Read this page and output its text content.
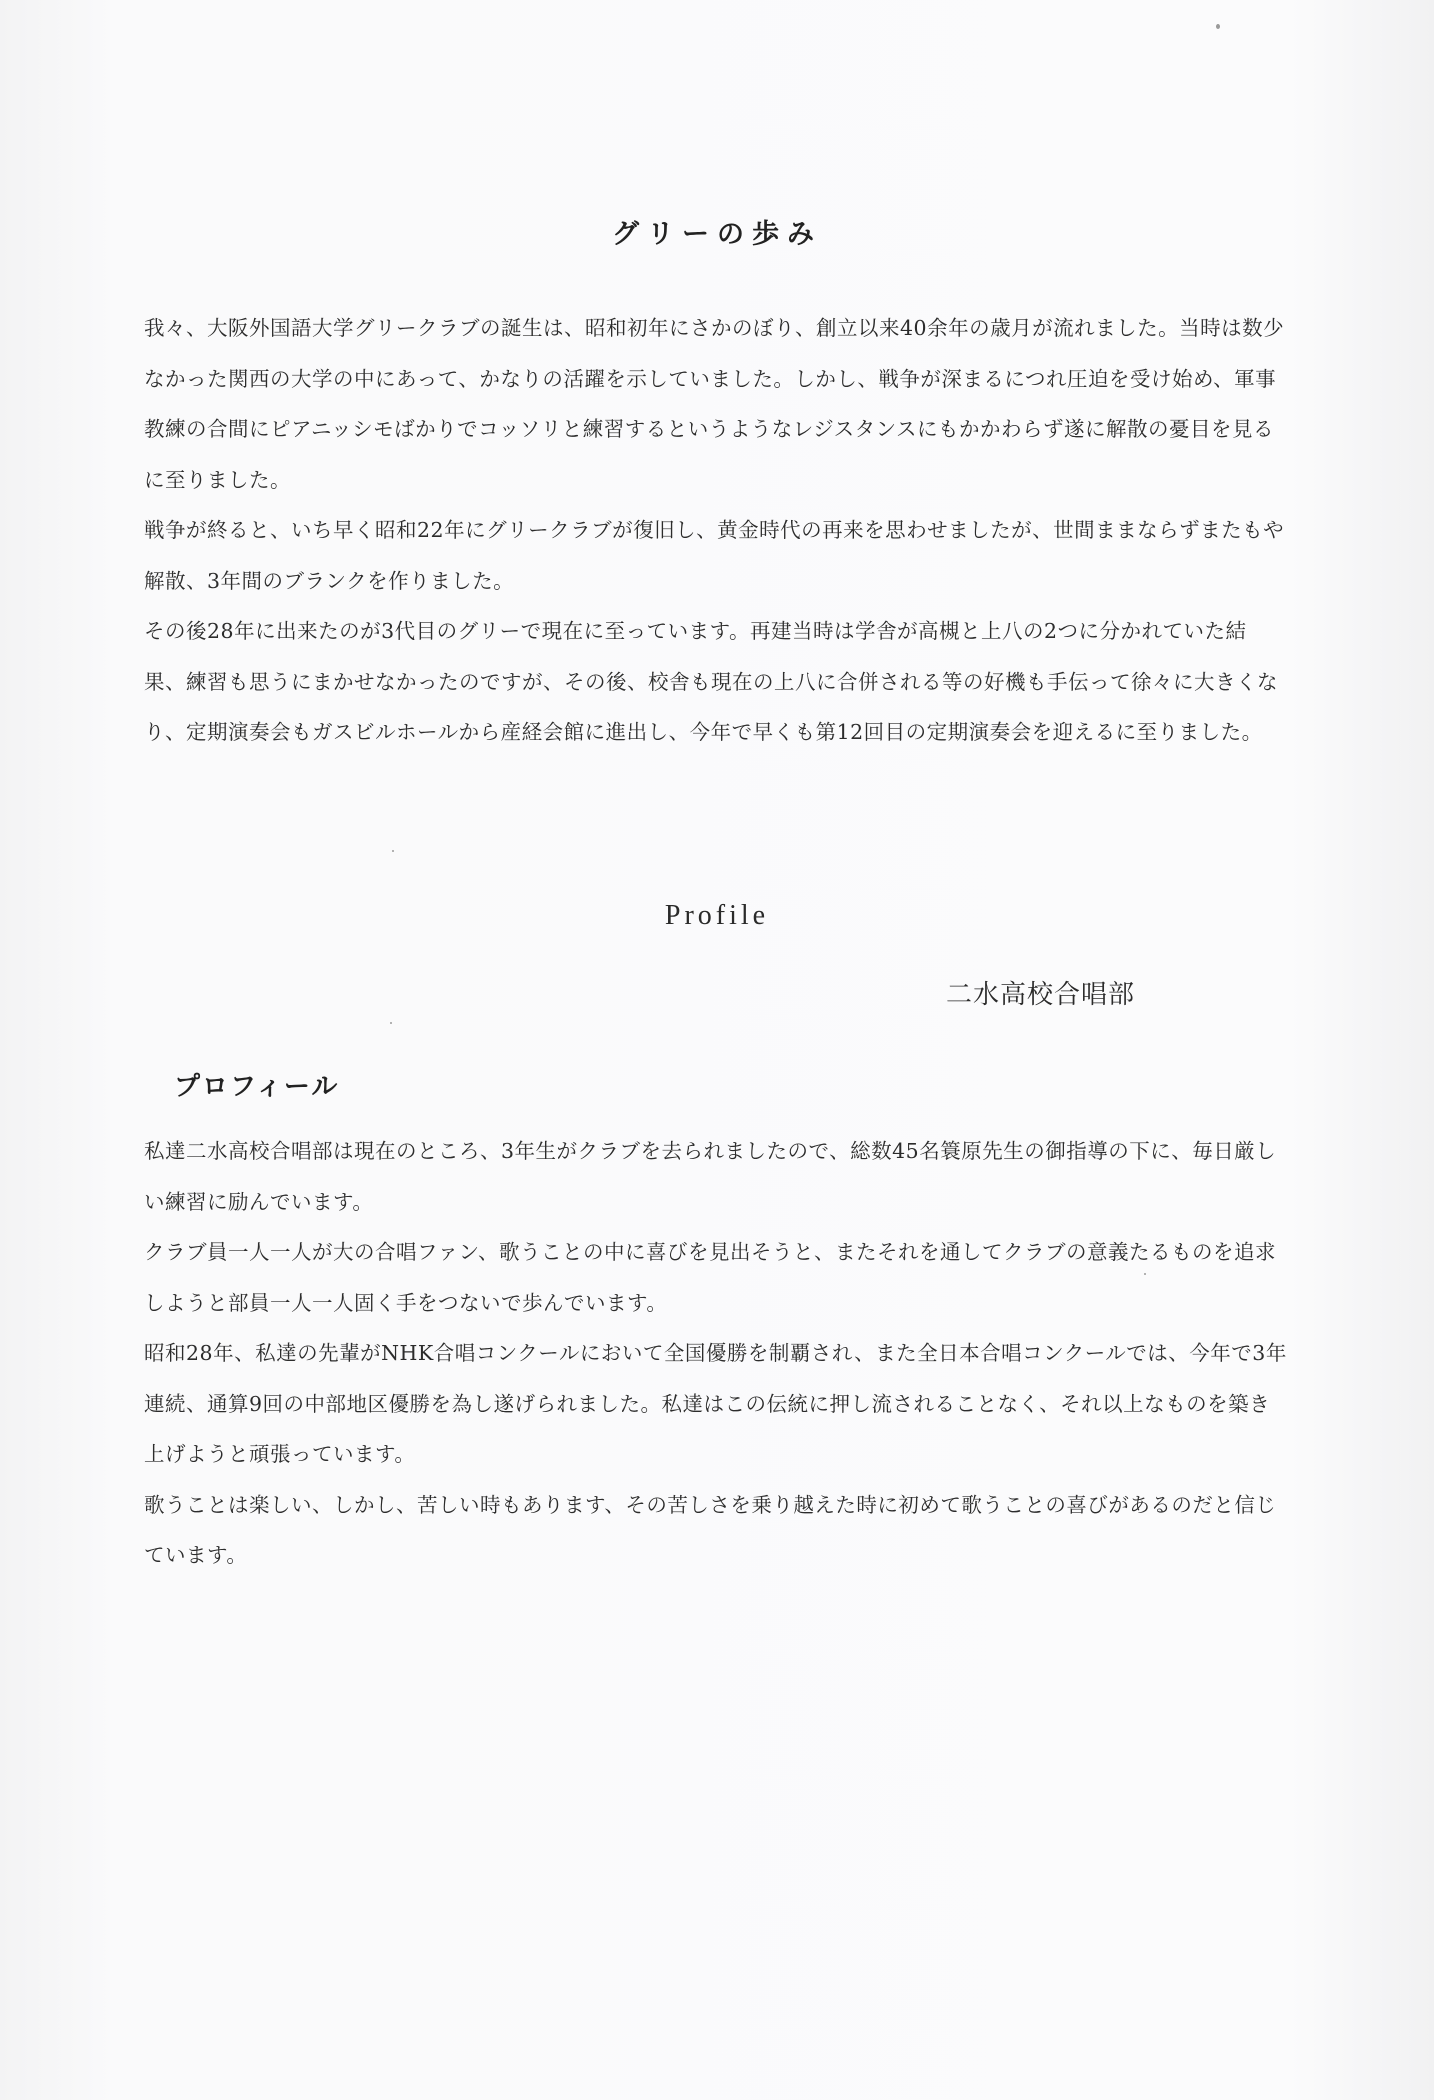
グリーの歩み

我々、大阪外国語大学グリークラブの誕生は、昭和初年にさかのぼり、創立以来40余年の歳月が流れました。当時は数少なかった関西の大学の中にあって、かなりの活躍を示していました。しかし、戦争が深まるにつれ圧迫を受け始め、軍事教練の合間にピアニッシモばかりでコッソリと練習するというようなレジスタンスにもかかわらず遂に解散の憂目を見るに至りました。

戦争が終ると、いち早く昭和22年にグリークラブが復旧し、黄金時代の再来を思わせましたが、世間ままならずまたもや解散、3年間のブランクを作りました。

その後28年に出来たのが3代目のグリーで現在に至っています。再建当時は学舎が高槻と上八の2つに分かれていた結果、練習も思うにまかせなかったのですが、その後、校舎も現在の上八に合併される等の好機も手伝って徐々に大きくなり、定期演奏会もガスビルホールから産経会館に進出し、今年で早くも第12回目の定期演奏会を迎えるに至りました。

Profile
二水高校合唱部
プロフィール

私達二水高校合唱部は現在のところ、3年生がクラブを去られましたので、総数45名簑原先生の御指導の下に、毎日厳しい練習に励んでいます。

クラブ員一人一人が大の合唱ファン、歌うことの中に喜びを見出そうと、またそれを通してクラブの意義たるものを追求しようと部員一人一人固く手をつないで歩んでいます。

昭和28年、私達の先輩がNHK合唱コンクールにおいて全国優勝を制覇され、また全日本合唱コンクールでは、今年で3年連続、通算9回の中部地区優勝を為し遂げられました。私達はこの伝統に押し流されることなく、それ以上なものを築き上げようと頑張っています。

歌うことは楽しい、しかし、苦しい時もあります、その苦しさを乗り越えた時に初めて歌うことの喜びがあるのだと信じています。
